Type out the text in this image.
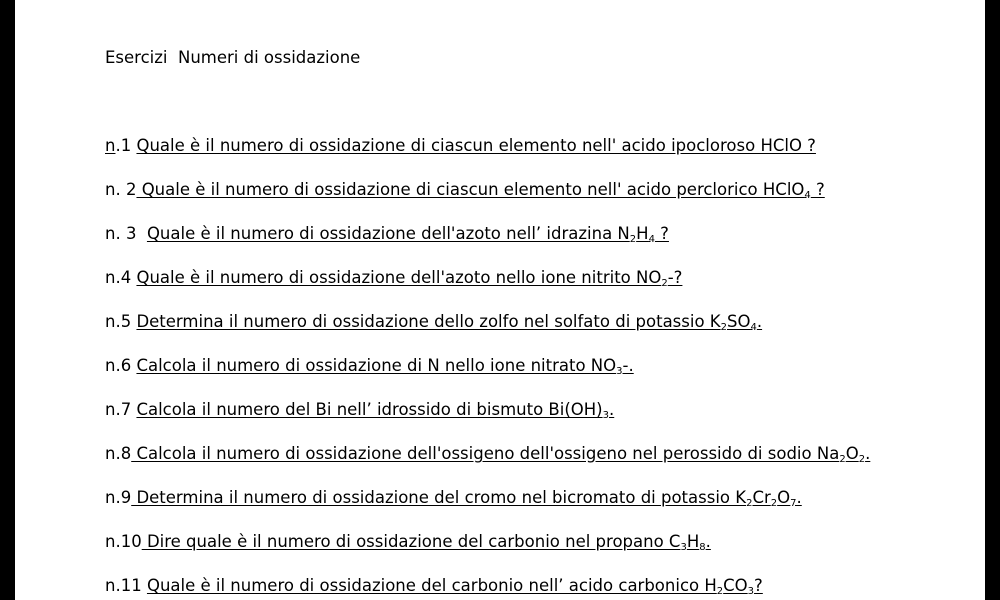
Esercizi  Numeri di ossidazione
n.1 Quale è il numero di ossidazione di ciascun elemento nell' acido ipocloroso HClO ?
n. 2 Quale è il numero di ossidazione di ciascun elemento nell' acido perclorico HClO$_4$ ?
n. 3  Quale è il numero di ossidazione dell'azoto nell’ idrazina $N_2H_4$ ?
n.4 Quale è il numero di ossidazione dell'azoto nello ione nitrito $NO_2-$?
n.5 Determina il numero di ossidazione dello zolfo nel solfato di potassio $K_2SO_4$.
n.6 Calcola il numero di ossidazione di N nello ione nitrato $NO_3-$.
n.7 Calcola il numero del Bi nell’ idrossido di bismuto $Bi(OH)_3$.
n.8 Calcola il numero di ossidazione dell'ossigeno dell'ossigeno nel perossido di sodio $Na_2O_2$.
n.9 Determina il numero di ossidazione del cromo nel bicromato di potassio $K_2Cr_2O_7$.
n.10 Dire quale è il numero di ossidazione del carbonio nel propano $C_3H_8$.
n.11 Quale è il numero di ossidazione del carbonio nell’ acido carbonico $H_2CO_3$?
